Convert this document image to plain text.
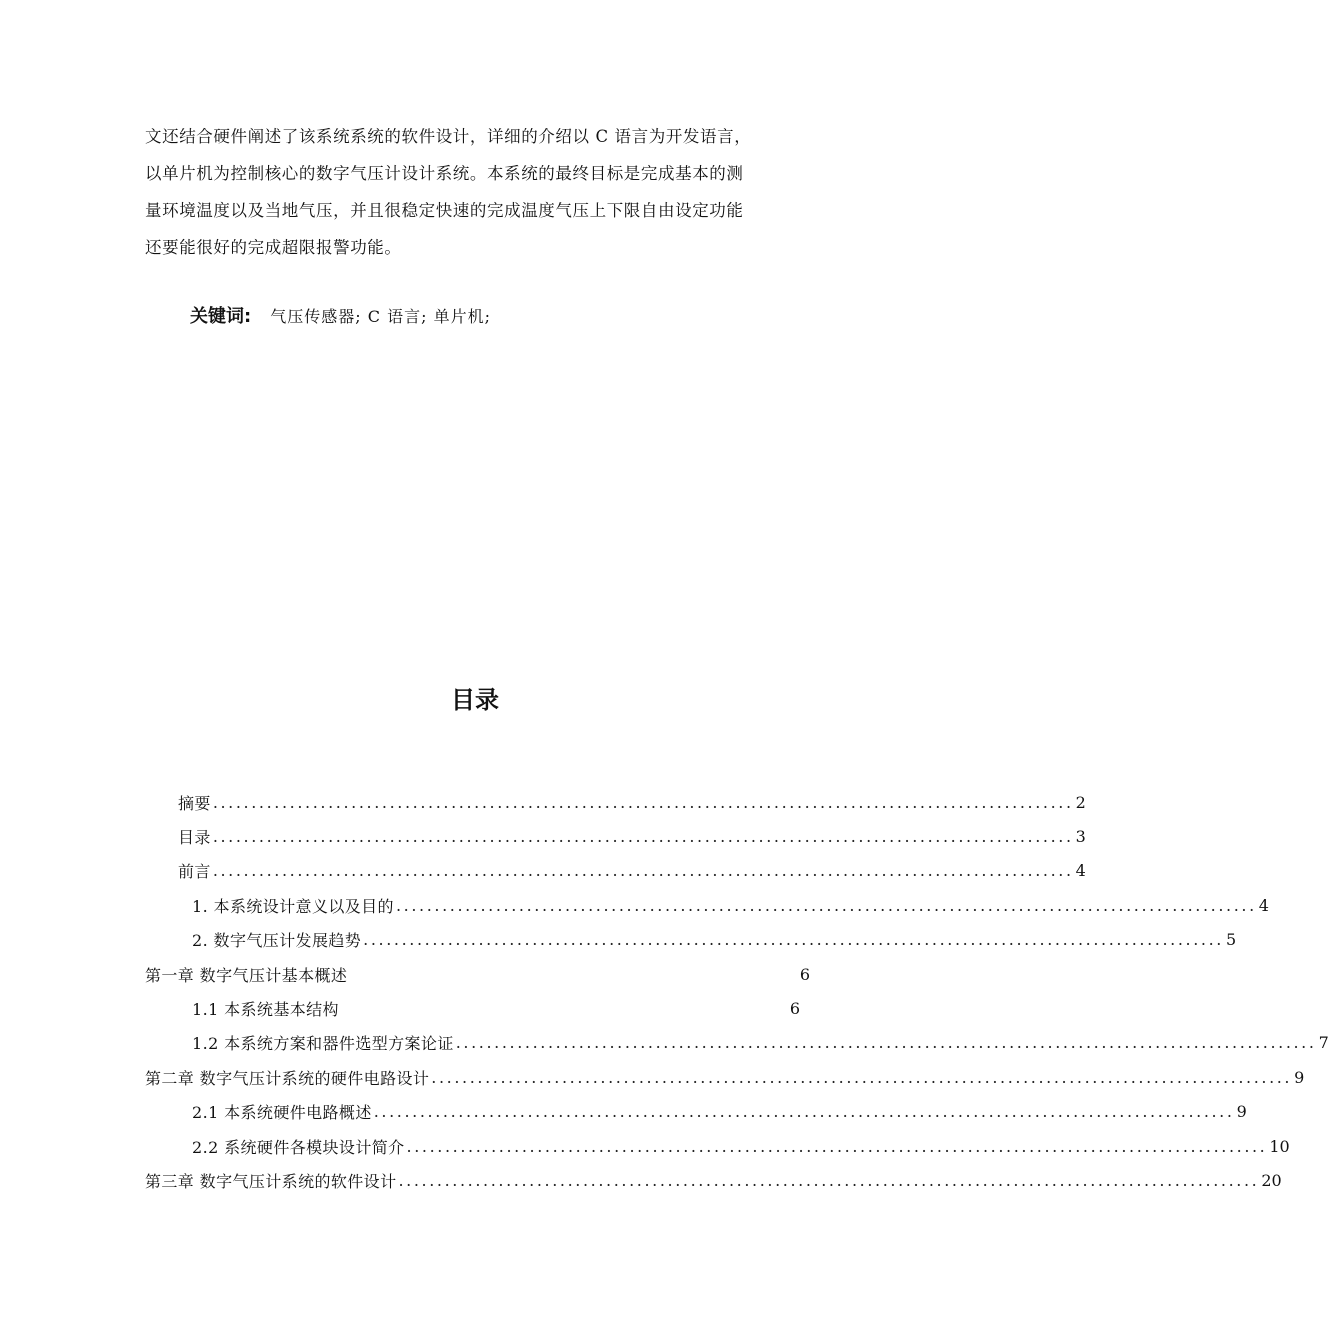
文还结合硬件阐述了该系统系统的软件设计，详细的介绍以 C 语言为开发语言，

以单片机为控制核心的数字气压计设计系统。本系统的最终目标是完成基本的测

量环境温度以及当地气压，并且很稳定快速的完成温度气压上下限自由设定功能

还要能很好的完成超限报警功能。

关键词: 气压传感器; C 语言; 单片机;
目录
摘要 ................................................................................................................ 2
目录 ................................................................................................................ 3
前言 ................................................................................................................ 4
1. 本系统设计意义以及目的 ................................................................................................................ 4
2. 数字气压计发展趋势 ................................................................................................................ 5
第一章 数字气压计基本概述	6
1.1 本系统基本结构	6
1.2 本系统方案和器件选型方案论证 ................................................................................................................ 7
第二章 数字气压计系统的硬件电路设计 ................................................................................................................ 9
2.1 本系统硬件电路概述 ................................................................................................................ 9
2.2 系统硬件各模块设计简介 ................................................................................................................ 10
第三章 数字气压计系统的软件设计 ................................................................................................................ 20
